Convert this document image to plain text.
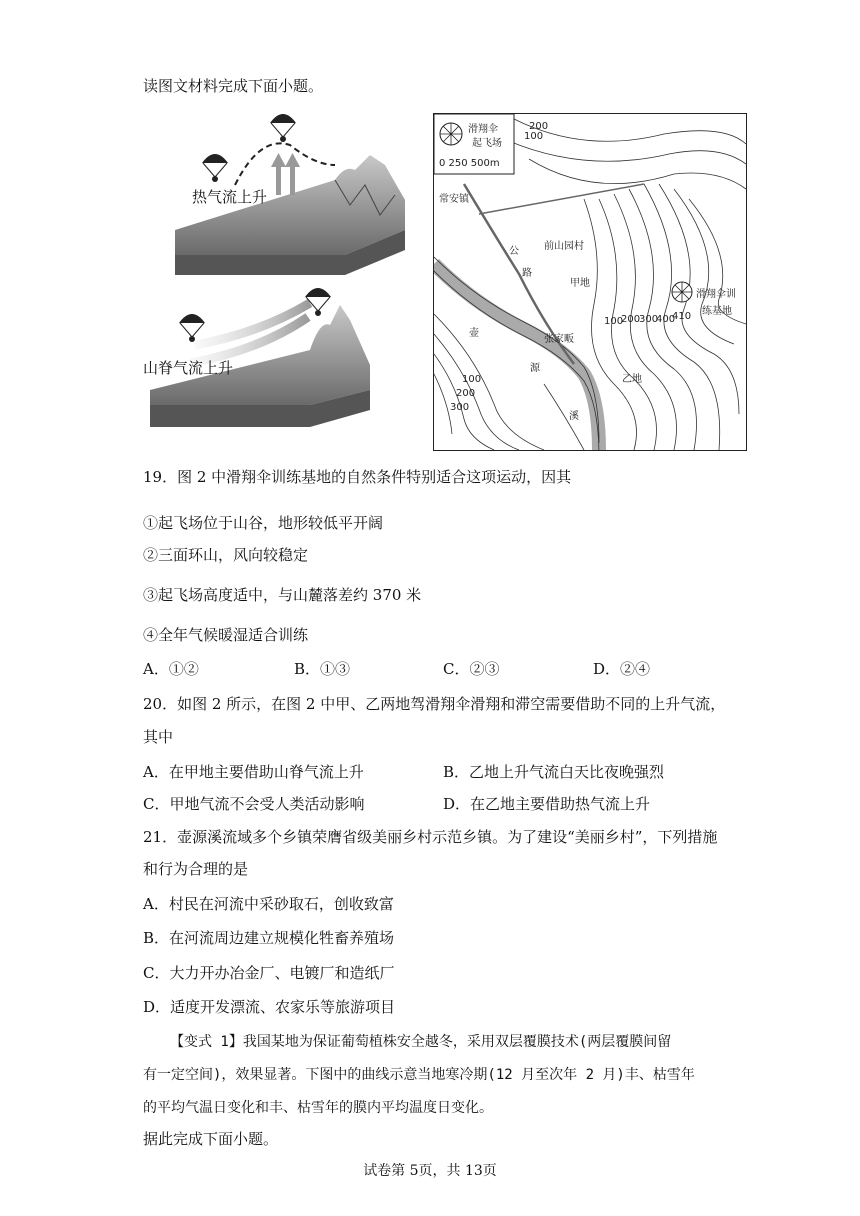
读图文材料完成下面小题。
热气流上升
山脊气流上升
滑翔伞
起飞场
0 250 500m
常安镇
前山园村
甲地
张家畈
乙地
公
路
壶
源
溪
滑翔伞训
练基地
410
100
200
100
200
300
400
100
200
300
19．图 2 中滑翔伞训练基地的自然条件特别适合这项运动，因其
①起飞场位于山谷，地形较低平开阔
②三面环山，风向较稳定
③起飞场高度适中，与山麓落差约 370 米
④全年气候暖湿适合训练
A．①②	B．①③	C．②③	D．②④
20．如图 2 所示，在图 2 中甲、乙两地驾滑翔伞滑翔和滞空需要借助不同的上升气流，
其中
A．在甲地主要借助山脊气流上升	B．乙地上升气流白天比夜晚强烈
C．甲地气流不会受人类活动影响	D．在乙地主要借助热气流上升
21．壶源溪流域多个乡镇荣膺省级美丽乡村示范乡镇。为了建设“美丽乡村”，下列措施
和行为合理的是
A．村民在河流中采砂取石，创收致富
B．在河流周边建立规模化牲畜养殖场
C．大力开办冶金厂、电镀厂和造纸厂
D．适度开发漂流、农家乐等旅游项目
【变式 1】我国某地为保证葡萄植株安全越冬，采用双层覆膜技术(两层覆膜间留
有一定空间)，效果显著。下图中的曲线示意当地寒冷期(12 月至次年 2 月)丰、枯雪年
的平均气温日变化和丰、枯雪年的膜内平均温度日变化。
据此完成下面小题。
试卷第 5页，共 13页
